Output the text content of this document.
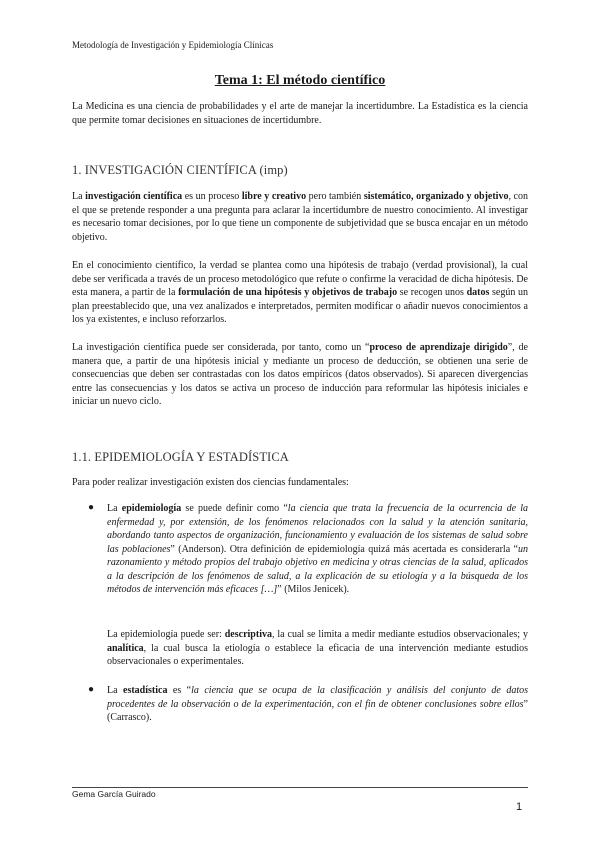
Metodología de Investigación y Epidemiología Clínicas
Tema 1: El método científico

La Medicina es una ciencia de probabilidades y el arte de manejar la incertidumbre. La Estadística es la ciencia que permite tomar decisiones en situaciones de incertidumbre.

1. INVESTIGACIÓN CIENTÍFICA (imp)

La investigación científica es un proceso libre y creativo pero también sistemático, organizado y objetivo, con el que se pretende responder a una pregunta para aclarar la incertidumbre de nuestro conocimiento. Al investigar es necesario tomar decisiones, por lo que tiene un componente de subjetividad que se busca encajar en un método objetivo.

En el conocimiento científico, la verdad se plantea como una hipótesis de trabajo (verdad provisional), la cual debe ser verificada a través de un proceso metodológico que refute o confirme la veracidad de dicha hipótesis. De esta manera, a partir de la formulación de una hipótesis y objetivos de trabajo se recogen unos datos según un plan preestablecido que, una vez analizados e interpretados, permiten modificar o añadir nuevos conocimientos a los ya existentes, e incluso reforzarlos.

La investigación científica puede ser considerada, por tanto, como un “proceso de aprendizaje dirigido”, de manera que, a partir de una hipótesis inicial y mediante un proceso de deducción, se obtienen una serie de consecuencias que deben ser contrastadas con los datos empíricos (datos observados). Si aparecen divergencias entre las consecuencias y los datos se activa un proceso de inducción para reformular las hipótesis iniciales e iniciar un nuevo ciclo.

1.1. EPIDEMIOLOGÍA Y ESTADÍSTICA

Para poder realizar investigación existen dos ciencias fundamentales:

● La epidemiología se puede definir como “la ciencia que trata la frecuencia de la ocurrencia de la enfermedad y, por extensión, de los fenómenos relacionados con la salud y la atención sanitaria, abordando tanto aspectos de organización, funcionamiento y evaluación de los sistemas de salud sobre las poblaciones” (Anderson). Otra definición de epidemiología quizá más acertada es considerarla “un razonamiento y método propios del trabajo objetivo en medicina y otras ciencias de la salud, aplicados a la descripción de los fenómenos de salud, a la explicación de su etiología y a la búsqueda de los métodos de intervención más eficaces […]” (Milos Jenicek).

La epidemiología puede ser: descriptiva, la cual se limita a medir mediante estudios observacionales; y analítica, la cual busca la etiología o establece la eficacia de una intervención mediante estudios observacionales o experimentales.

● La estadística es “la ciencia que se ocupa de la clasificación y análisis del conjunto de datos procedentes de la observación o de la experimentación, con el fin de obtener conclusiones sobre ellos” (Carrasco).

Gema García Guirado
1
